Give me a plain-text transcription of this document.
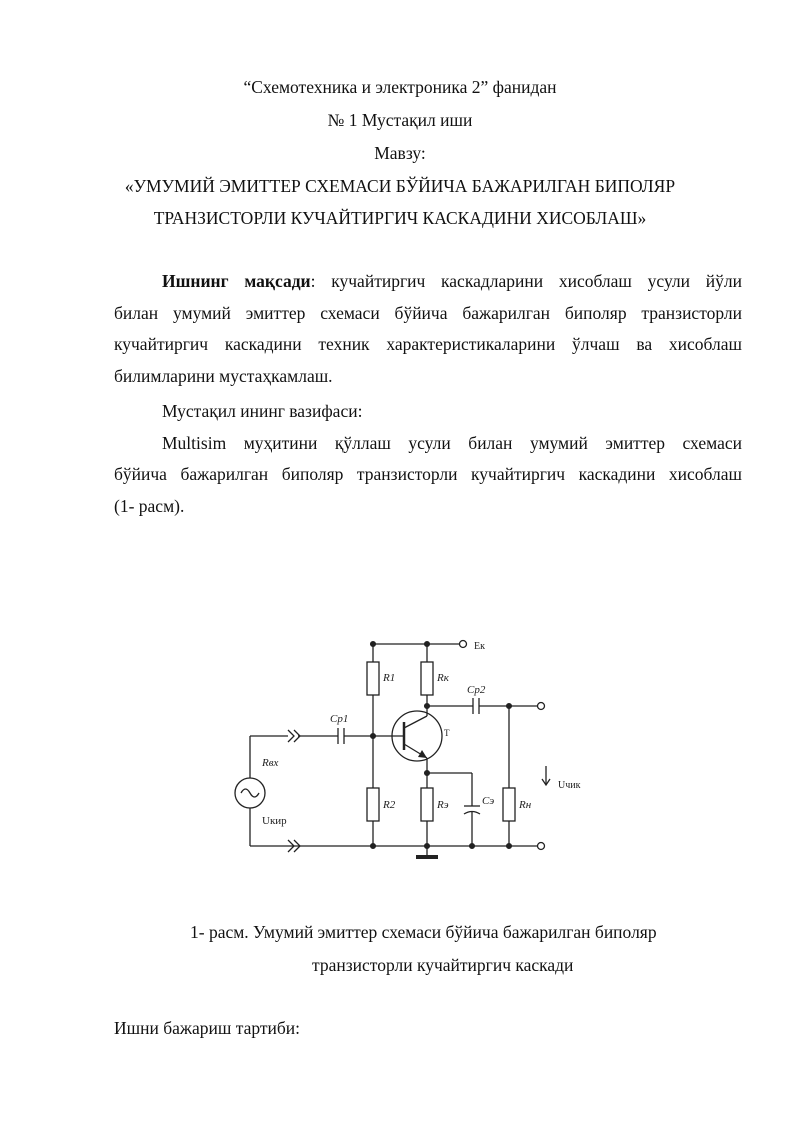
“Схемотехника и электроника 2” фанидан
№ 1 Мустақил иши
Мавзу:
«УМУМИЙ ЭМИТТЕР СХЕМАСИ БЎЙИЧА БАЖАРИЛГАН БИПОЛЯР
ТРАНЗИСТОРЛИ КУЧАЙТИРГИЧ КАСКАДИНИ ХИСОБЛАШ»
Ишнинг мақсади: кучайтиргич каскадларини хисоблаш усули йўли
билан умумий эмиттер схемаси бўйича бажарилган биполяр транзисторли
кучайтиргич каскадини техник характеристикаларини ўлчаш ва хисоблаш
билимларини мустаҳкамлаш.
Мустақил ининг вазифаси:
Multisim муҳитини қўллаш усули билан умумий эмиттер схемаси
бўйича бажарилган биполяр транзисторли кучайтиргич каскадини хисоблаш
(1- расм).
Ек
R1	Rк
Cp2
T
Cp1
Rвх
Uкир
R2	Rэ	Cэ Rн
Uчик
1- расм. Умумий эмиттер схемаси бўйича бажарилган биполяр
транзисторли кучайтиргич каскади
Ишни бажариш тартиби:
